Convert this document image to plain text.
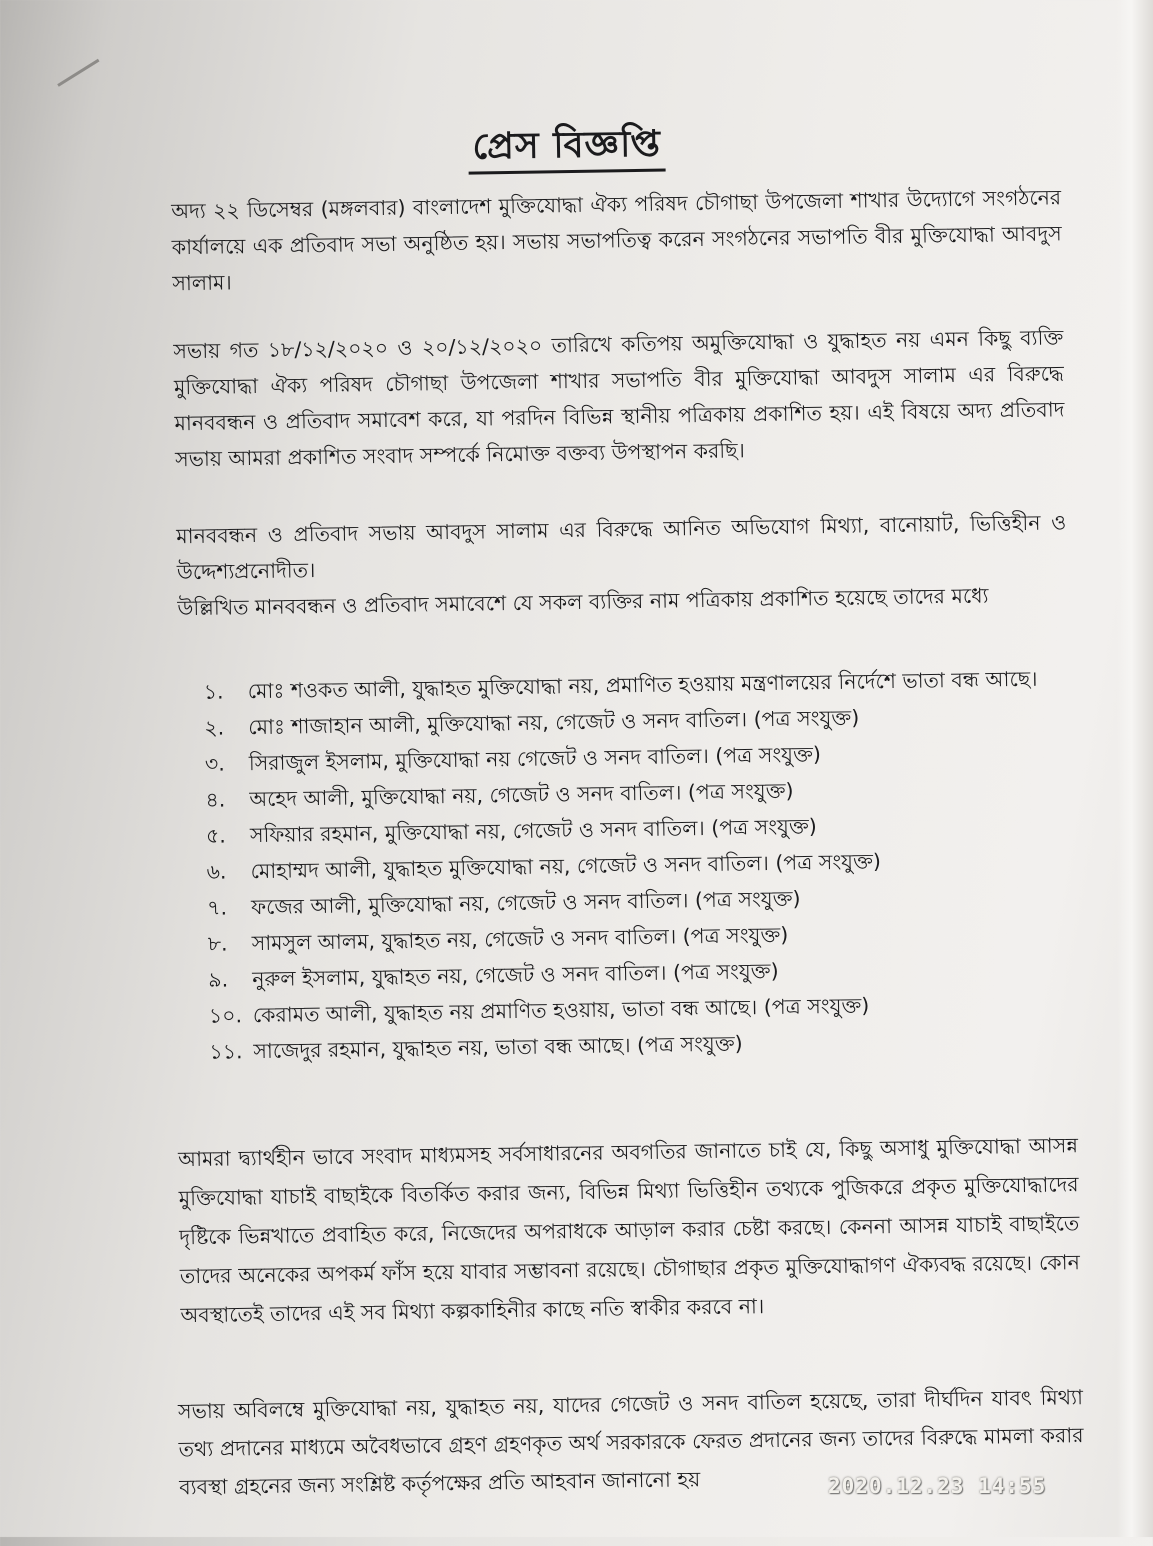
প্রেস বিজ্ঞপ্তি

অদ্য ২২ ডিসেম্বর (মঙ্গলবার) বাংলাদেশ মুক্তিযোদ্ধা ঐক্য পরিষদ চৌগাছা উপজেলা শাখার উদ্যোগে সংগঠনের কার্যালয়ে এক প্রতিবাদ সভা অনুষ্ঠিত হয়। সভায় সভাপতিত্ব করেন সংগঠনের সভাপতি বীর মুক্তিযোদ্ধা আবদুস সালাম।

সভায় গত ১৮/১২/২০২০ ও ২০/১২/২০২০ তারিখে কতিপয় অমুক্তিযোদ্ধা ও যুদ্ধাহত নয় এমন কিছু ব্যক্তি মুক্তিযোদ্ধা ঐক্য পরিষদ চৌগাছা উপজেলা শাখার সভাপতি বীর মুক্তিযোদ্ধা আবদুস সালাম এর বিরুদ্ধে মানববন্ধন ও প্রতিবাদ সমাবেশ করে, যা পরদিন বিভিন্ন স্থানীয় পত্রিকায় প্রকাশিত হয়। এই বিষয়ে অদ্য প্রতিবাদ সভায় আমরা প্রকাশিত সংবাদ সম্পর্কে নিমোক্ত বক্তব্য উপস্থাপন করছি।

মানববন্ধন ও প্রতিবাদ সভায় আবদুস সালাম এর বিরুদ্ধে আনিত অভিযোগ মিথ্যা, বানোয়াট, ভিত্তিহীন ও উদ্দেশ্যপ্রনোদীত।

উল্লিখিত মানববন্ধন ও প্রতিবাদ সমাবেশে যে সকল ব্যক্তির নাম পত্রিকায় প্রকাশিত হয়েছে তাদের মধ্যে

১.	মোঃ শওকত আলী, যুদ্ধাহত মুক্তিযোদ্ধা নয়, প্রমাণিত হওয়ায় মন্ত্রণালয়ের নির্দেশে ভাতা বন্ধ আছে।
২.	মোঃ শাজাহান আলী, মুক্তিযোদ্ধা নয়, গেজেট ও সনদ বাতিল। (পত্র সংযুক্ত)
৩.	সিরাজুল ইসলাম, মুক্তিযোদ্ধা নয় গেজেট ও সনদ বাতিল। (পত্র সংযুক্ত)
৪.	অহেদ আলী, মুক্তিযোদ্ধা নয়, গেজেট ও সনদ বাতিল। (পত্র সংযুক্ত)
৫.	সফিয়ার রহমান, মুক্তিযোদ্ধা নয়, গেজেট ও সনদ বাতিল। (পত্র সংযুক্ত)
৬.	মোহাম্মদ আলী, যুদ্ধাহত মুক্তিযোদ্ধা নয়, গেজেট ও সনদ বাতিল। (পত্র সংযুক্ত)
৭.	ফজের আলী, মুক্তিযোদ্ধা নয়, গেজেট ও সনদ বাতিল। (পত্র সংযুক্ত)
৮.	সামসুল আলম, যুদ্ধাহত নয়, গেজেট ও সনদ বাতিল। (পত্র সংযুক্ত)
৯.	নুরুল ইসলাম, যুদ্ধাহত নয়, গেজেট ও সনদ বাতিল। (পত্র সংযুক্ত)
১০. কেরামত আলী, যুদ্ধাহত নয় প্রমাণিত হওয়ায়, ভাতা বন্ধ আছে। (পত্র সংযুক্ত)
১১. সাজেদুর রহমান, যুদ্ধাহত নয়, ভাতা বন্ধ আছে। (পত্র সংযুক্ত)

আমরা দ্ব্যার্থহীন ভাবে সংবাদ মাধ্যমসহ সর্বসাধারনের অবগতির জানাতে চাই যে, কিছু অসাধু মুক্তিযোদ্ধা আসন্ন মুক্তিযোদ্ধা যাচাই বাছাইকে বিতর্কিত করার জন্য, বিভিন্ন মিথ্যা ভিত্তিহীন তথ্যকে পুজিকরে প্রকৃত মুক্তিযোদ্ধাদের দৃষ্টিকে ভিন্নখাতে প্রবাহিত করে, নিজেদের অপরাধকে আড়াল করার চেষ্টা করছে। কেননা আসন্ন যাচাই বাছাইতে তাদের অনেকের অপকর্ম ফাঁস হয়ে যাবার সম্ভাবনা রয়েছে। চৌগাছার প্রকৃত মুক্তিযোদ্ধাগণ ঐক্যবদ্ধ রয়েছে। কোন অবস্থাতেই তাদের এই সব মিথ্যা কল্পকাহিনীর কাছে নতি স্বাকীর করবে না।

সভায় অবিলম্বে মুক্তিযোদ্ধা নয়, যুদ্ধাহত নয়, যাদের গেজেট ও সনদ বাতিল হয়েছে, তারা দীর্ঘদিন যাবৎ মিথ্যা তথ্য প্রদানের মাধ্যমে অবৈধভাবে গ্রহণ গ্রহণকৃত অর্থ সরকারকে ফেরত প্রদানের জন্য তাদের বিরুদ্ধে মামলা করার ব্যবস্থা গ্রহনের জন্য সংশ্লিষ্ট কর্তৃপক্ষের প্রতি আহবান জানানো হয়	2020.12.23 14:55
